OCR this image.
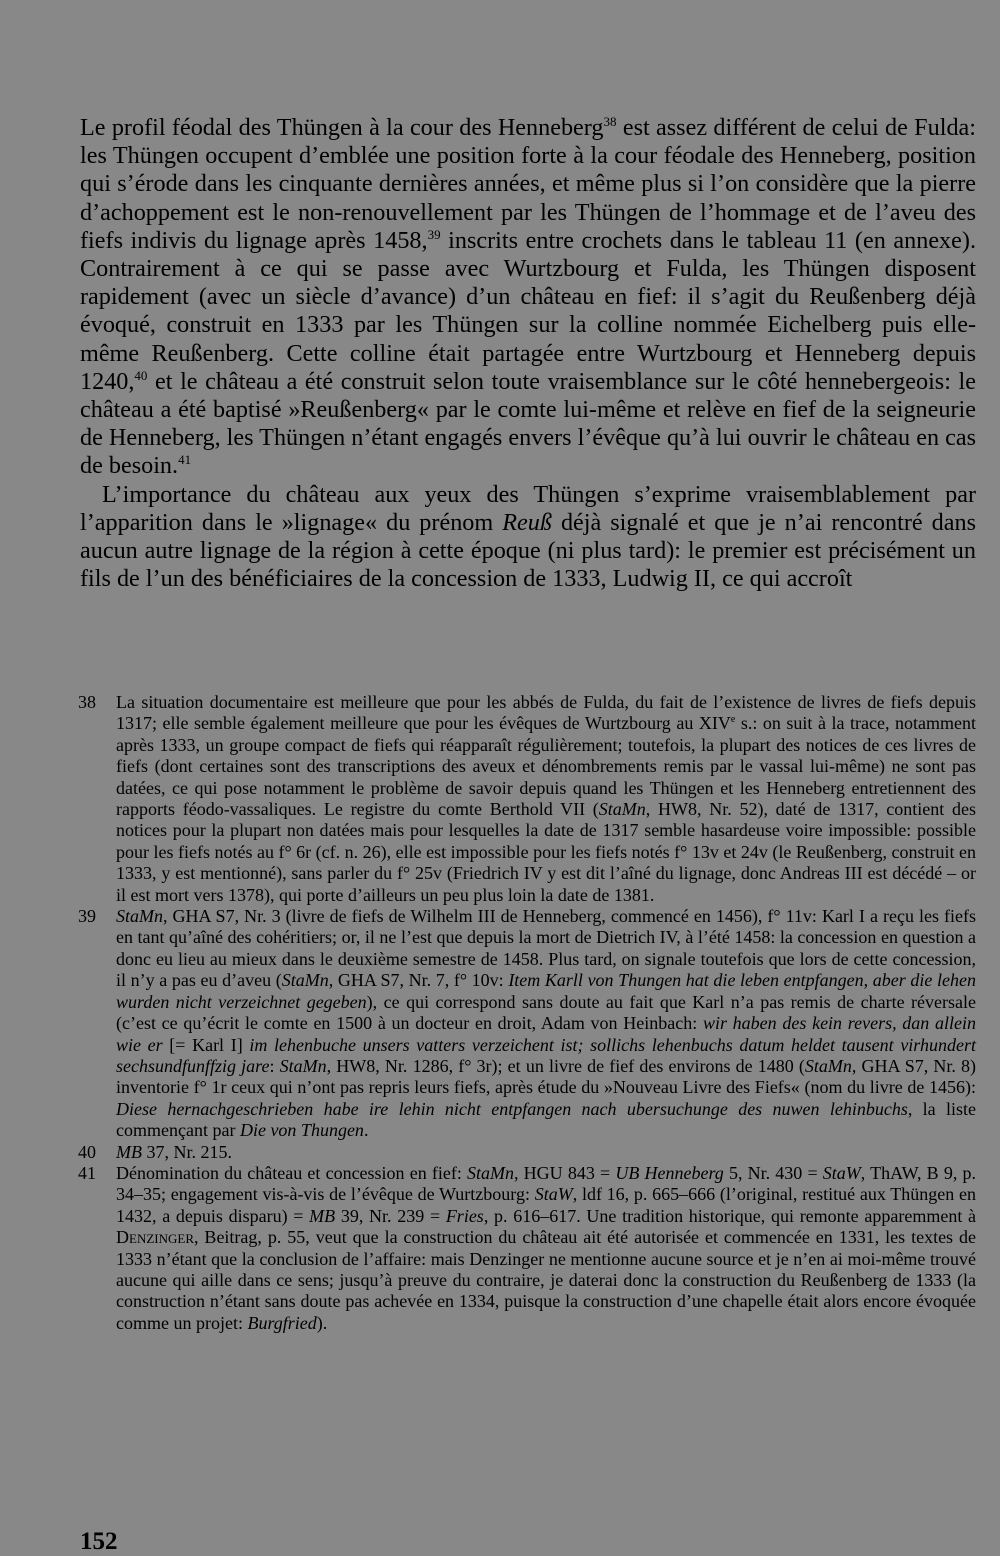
Le profil féodal des Thüngen à la cour des Henneberg$^{38}$ est assez différent de celui de Fulda: les Thüngen occupent d’emblée une position forte à la cour féodale des Henneberg, position qui s’érode dans les cinquante dernières années, et même plus si l’on considère que la pierre d’achoppement est le non-renouvellement par les Thüngen de l’hommage et de l’aveu des fiefs indivis du lignage après 1458,39 inscrits entre crochets dans le tableau 11 (en annexe). Contrairement à ce qui se passe avec Wurtzbourg et Fulda, les Thüngen disposent rapidement (avec un siècle d’avance) d’un château en fief: il s’agit du Reußenberg déjà évoqué, construit en 1333 par les Thüngen sur la colline nommée Eichelberg puis elle-même Reußenberg. Cette colline était partagée entre Wurtzbourg et Henneberg depuis 1240,40 et le château a été construit selon toute vraisemblance sur le côté hennebergeois: le château a été baptisé »Reußenberg« par le comte lui-même et relève en fief de la seigneurie de Henneberg, les Thüngen n’étant engagés envers l’évêque qu’à lui ouvrir le château en cas de besoin.$^{41}$

L’importance du château aux yeux des Thüngen s’exprime vraisemblablement par l’apparition dans le »lignage« du prénom Reuß déjà signalé et que je n’ai rencontré dans aucun autre lignage de la région à cette époque (ni plus tard): le premier est précisément un fils de l’un des bénéficiaires de la concession de 1333, Ludwig II, ce qui accroît

38 La situation documentaire est meilleure que pour les abbés de Fulda, du fait de l’existence de livres de fiefs depuis 1317; elle semble également meilleure que pour les évêques de Wurtzbourg au XIVe s.: on suit à la trace, notamment après 1333, un groupe compact de fiefs qui réapparaît régulièrement; toutefois, la plupart des notices de ces livres de fiefs (dont certaines sont des transcriptions des aveux et dénombrements remis par le vassal lui-même) ne sont pas datées, ce qui pose notamment le problème de savoir depuis quand les Thüngen et les Henneberg entretiennent des rapports féodo-vassaliques. Le registre du comte Berthold VII (StaMn, HW8, Nr. 52), daté de 1317, contient des notices pour la plupart non datées mais pour lesquelles la date de 1317 semble hasardeuse voire impossible: possible pour les fiefs notés au f° 6r (cf. n. 26), elle est impossible pour les fiefs notés f° 13v et 24v (le Reußenberg, construit en 1333, y est mentionné), sans parler du f° 25v (Friedrich IV y est dit l’aîné du lignage, donc Andreas III est décédé – or il est mort vers 1378), qui porte d’ailleurs un peu plus loin la date de 1381.

39 StaMn, GHA S7, Nr. 3 (livre de fiefs de Wilhelm III de Henneberg, commencé en 1456), f° 11v: Karl I a reçu les fiefs en tant qu’aîné des cohéritiers; or, il ne l’est que depuis la mort de Dietrich IV, à l’été 1458: la concession en question a donc eu lieu au mieux dans le deuxième semestre de 1458. Plus tard, on signale toutefois que lors de cette concession, il n’y a pas eu d’aveu (StaMn, GHA S7, Nr. 7, f° 10v: Item Karll von Thungen hat die leben entpfangen, aber die lehen wurden nicht verzeichnet gegeben), ce qui correspond sans doute au fait que Karl n’a pas remis de charte réversale (c’est ce qu’écrit le comte en 1500 à un docteur en droit, Adam von Heinbach: wir haben des kein revers, dan allein wie er [= Karl I] im lehenbuche unsers vatters verzeichent ist; sollichs lehenbuchs datum heldet tausent virhundert sechsundfunffzig jare: StaMn, HW8, Nr. 1286, f° 3r); et un livre de fief des environs de 1480 (StaMn, GHA S7, Nr. 8) inventorie f° 1r ceux qui n’ont pas repris leurs fiefs, après étude du »Nouveau Livre des Fiefs« (nom du livre de 1456): Diese hernachgeschrieben habe ire lehin nicht entpfangen nach ubersuchunge des nuwen lehinbuchs, la liste commençant par Die von Thungen.

40 MB 37, Nr. 215.

41 Dénomination du château et concession en fief: StaMn, HGU 843 = UB Henneberg 5, Nr. 430 = StaW, ThAW, B 9, p. 34–35; engagement vis-à-vis de l’évêque de Wurtzbourg: StaW, ldf 16, p. 665–666 (l’original, restitué aux Thüngen en 1432, a depuis disparu) = MB 39, Nr. 239 = Fries, p. 616–617. Une tradition historique, qui remonte apparemment à Denzinger, Beitrag, p. 55, veut que la construction du château ait été autorisée et commencée en 1331, les textes de 1333 n’étant que la conclusion de l’affaire: mais Denzinger ne mentionne aucune source et je n’en ai moi-même trouvé aucune qui aille dans ce sens; jusqu’à preuve du contraire, je daterai donc la construction du Reußenberg de 1333 (la construction n’étant sans doute pas achevée en 1334, puisque la construction d’une chapelle était alors encore évoquée comme un projet: Burgfried).

152
